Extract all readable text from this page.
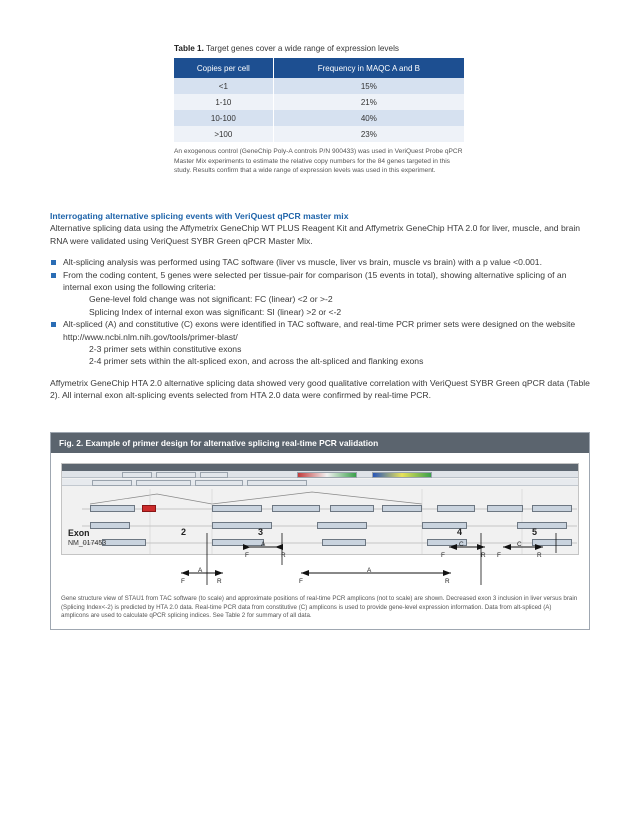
Table 1. Target genes cover a wide range of expression levels
Copies per cell	Frequency in MAQC A and B
<1	15%
1-10	21%
10-100	40%
>100	23%
An exogenous control (GeneChip Poly-A controls P/N 900433) was used in VeriQuest Probe qPCR Master Mix experiments to estimate the relative copy numbers for the 84 genes targeted in this study. Results confirm that a wide range of expression levels was used in this experiment.
Interrogating alternative splicing events with VeriQuest qPCR master mix
Alternative splicing data using the Affymetrix GeneChip WT PLUS Reagent Kit and Affymetrix GeneChip HTA 2.0 for liver, muscle, and brain RNA were validated using VeriQuest SYBR Green qPCR Master Mix.
Alt-splicing analysis was performed using TAC software (liver vs muscle, liver vs brain, muscle vs brain) with a p value <0.001.
From the coding content, 5 genes were selected per tissue-pair for comparison (15 events in total), showing alternative splicing of an internal exon using the following criteria:
Gene-level fold change was not significant: FC (linear) <2 or >-2
Splicing Index of internal exon was significant: SI (linear) >2 or <-2
Alt-spliced (A) and constitutive (C) exons were identified in TAC software, and real-time PCR primer sets were designed on the website http://www.ncbi.nlm.nih.gov/tools/primer-blast/
2-3 primer sets within constitutive exons
2-4 primer sets within the alt-spliced exon, and across the alt-spliced and flanking exons
Affymetrix GeneChip HTA 2.0 alternative splicing data showed very good qualitative correlation with VeriQuest SYBR Green qPCR data (Table 2). All internal exon alt-splicing events selected from HTA 2.0 data were confirmed by real-time PCR.
Fig. 2. Example of primer design for alternative splicing real-time PCR validation
Exon
NM_017453
2	3	4	5
A
F	R
C
F	R
C
F	R
A
F	R
A
F	R
Gene structure view of STAU1 from TAC software (to scale) and approximate positions of real-time PCR amplicons (not to scale) are shown. Decreased exon 3 inclusion in liver versus brain (Splicing Index<-2) is predicted by HTA 2.0 data. Real-time PCR data from constitutive (C) amplicons is used to provide gene-level expression information. Data from alt-spliced (A) amplicons are used to calculate qPCR splicing indices. See Table 2 for summary of all data.
